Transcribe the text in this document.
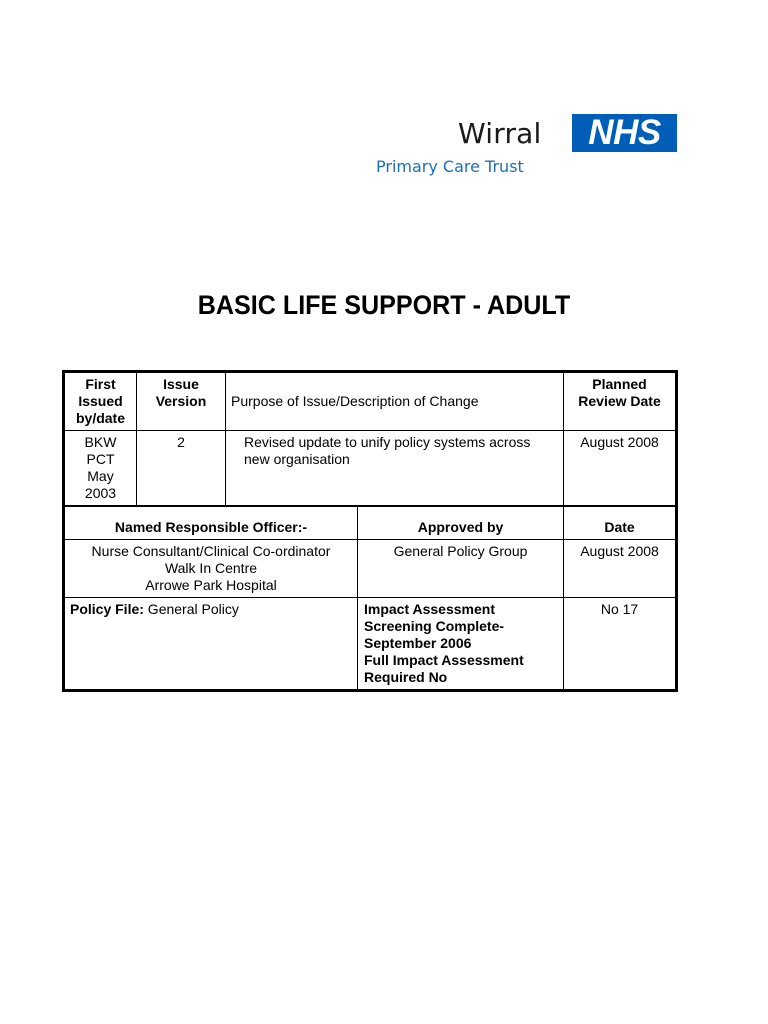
Wirral	NHS
Primary Care Trust
BASIC LIFE SUPPORT - ADULT
First Issued by/date	Issue Version	Purpose of Issue/Description of Change		Planned Review Date

BKW
PCT
May
2003	2	Revised update to unify policy systems across new organisation		August 2008
Named Responsible Officer:-			Approved by	Date

Nurse Consultant/Clinical Co-ordinator
Walk In Centre
Arrowe Park Hospital			General Policy Group	August 2008
Policy File: General Policy			Impact Assessment
Screening Complete-
September 2006
Full Impact Assessment
Required No	No 17
